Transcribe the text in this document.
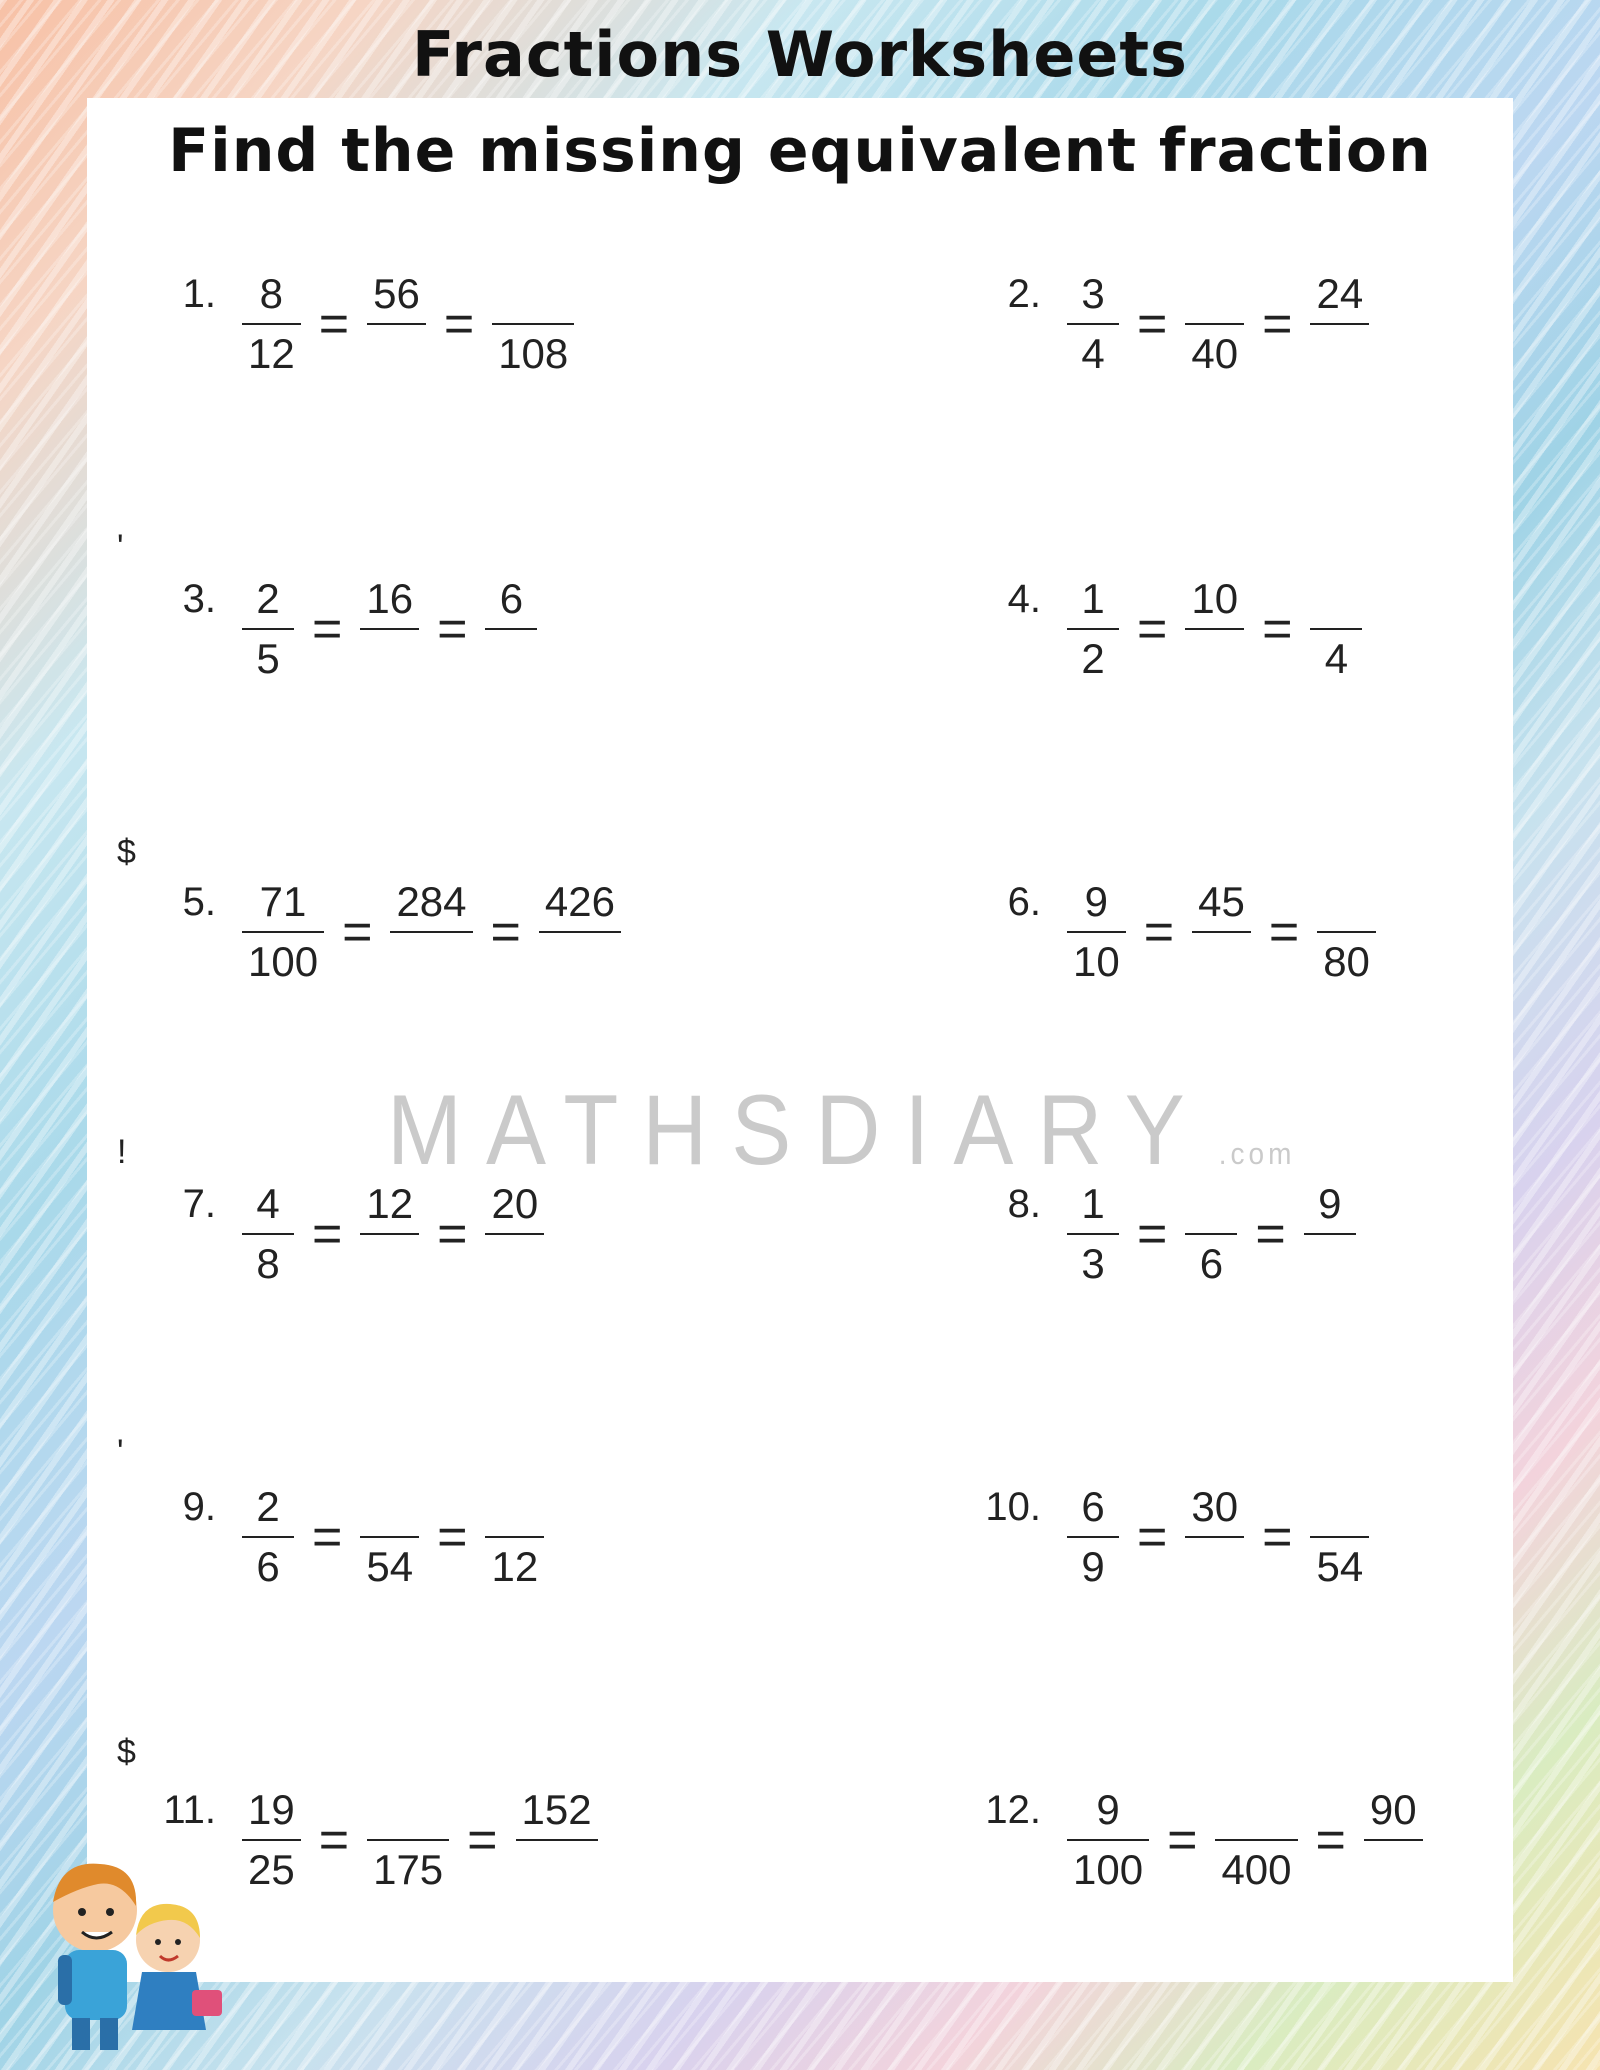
Fractions Worksheets
Find the missing equivalent fraction
MATHSDIARY .com
1. $\frac{8}{12}$ =
56
=
108
2. $\frac{3}{4}$ =
40
=
24
3. $\frac{2}{5}$ =
16
=
6	4. $\frac{1}{2}$ =
10
=
4
5. $\frac{71}{100}$ =
284
=
426	6. $\frac{9}{10}$ =
45
=
80
7. $\frac{4}{8}$ =
12
=
20	8. $\frac{1}{3}$ =
6
=
9
9. $\frac{2}{6}$ =
54
=
12
10. $\frac{6}{9}$ =
30
=
54
11. $\frac{19}{25}$ =
175
=
152	12. $\frac{9}{100}$ =
400
=
90
'
$
!
'
$
